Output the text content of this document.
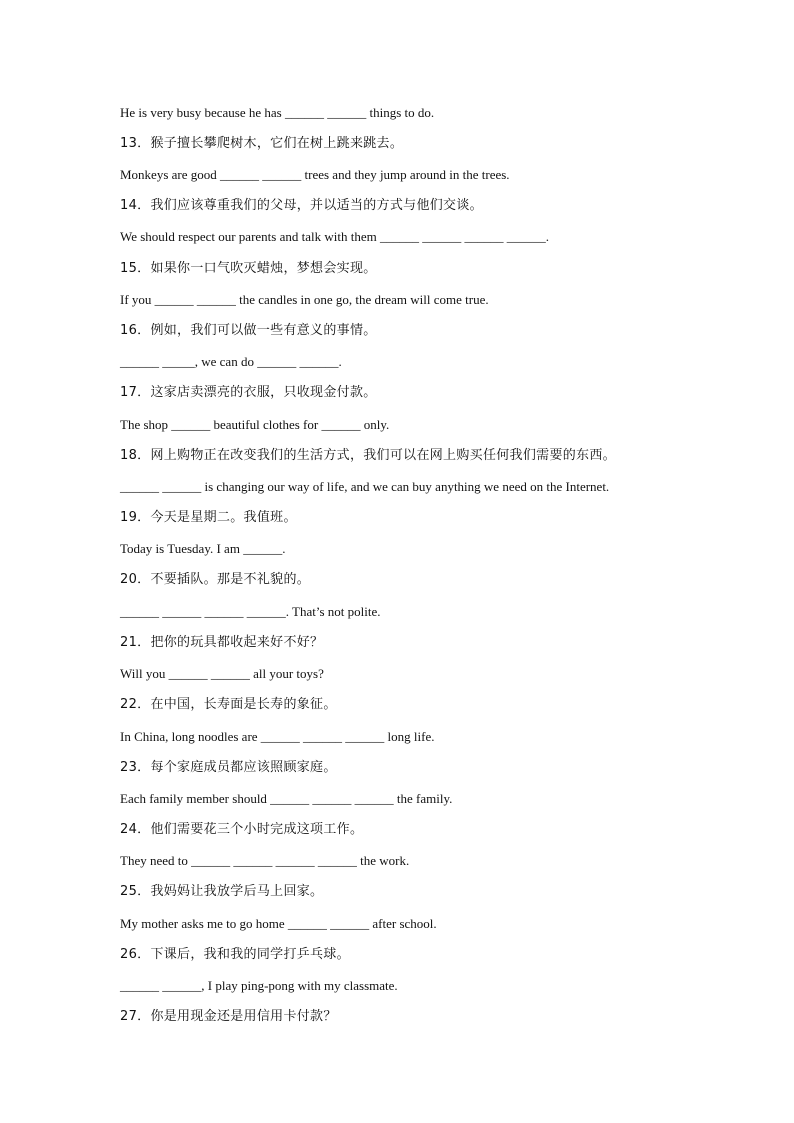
He is very busy because he has ______ ______ things to do.
13．猴子擅长攀爬树木，它们在树上跳来跳去。
Monkeys are good ______ ______ trees and they jump around in the trees.
14．我们应该尊重我们的父母，并以适当的方式与他们交谈。
We should respect our parents and talk with them ______ ______ ______ ______.
15．如果你一口气吹灭蜡烛，梦想会实现。
If you ______ ______ the candles in one go, the dream will come true.
16．例如，我们可以做一些有意义的事情。
______ _____, we can do ______ ______.
17．这家店卖漂亮的衣服，只收现金付款。
The shop ______ beautiful clothes for ______ only.
18．网上购物正在改变我们的生活方式，我们可以在网上购买任何我们需要的东西。
______ ______ is changing our way of life, and we can buy anything we need on the Internet.
19．今天是星期二。我值班。
Today is Tuesday. I am ______.
20．不要插队。那是不礼貌的。
______ ______ ______ ______. That’s not polite.
21．把你的玩具都收起来好不好？
Will you ______ ______ all your toys?
22．在中国，长寿面是长寿的象征。
In China, long noodles are ______ ______ ______ long life.
23．每个家庭成员都应该照顾家庭。
Each family member should ______ ______ ______ the family.
24．他们需要花三个小时完成这项工作。
They need to ______ ______ ______ ______ the work.
25．我妈妈让我放学后马上回家。
My mother asks me to go home ______ ______ after school.
26．下课后，我和我的同学打乒乓球。
______ ______, I play ping-pong with my classmate.
27．你是用现金还是用信用卡付款？
